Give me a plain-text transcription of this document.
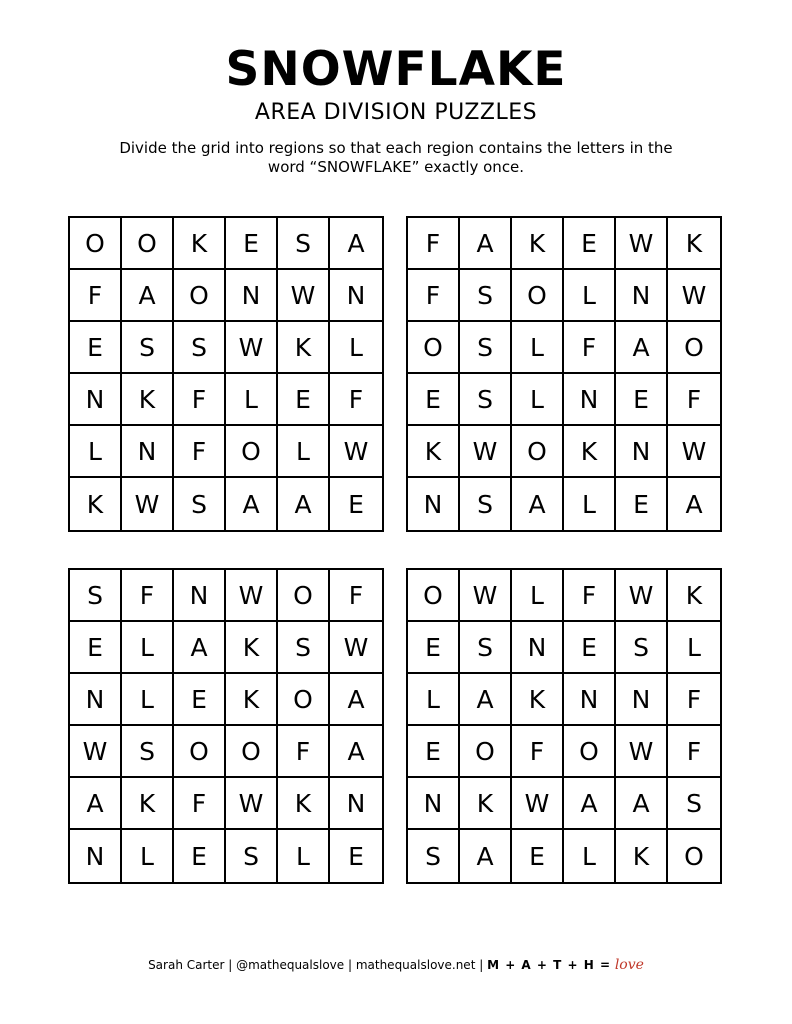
SNOWFLAKE
AREA DIVISION PUZZLES
Divide the grid into regions so that each region contains the letters in the word “SNOWFLAKE” exactly once.
O	O	K	E	S	A
F	A	O	N	W	N
E	S	S	W	K	L
N	K	F	L	E	F
L	N	F	O	L	W
K	W	S	A	A	E
F	A	K	E	W	K
F	S	O	L	N	W
O	S	L	F	A	O
E	S	L	N	E	F
K	W	O	K	N	W
N	S	A	L	E	A
S	F	N	W	O	F
E	L	A	K	S	W
N	L	E	K	O	A
W	S	O	O	F	A
A	K	F	W	K	N
N	L	E	S	L	E
O	W	L	F	W	K
E	S	N	E	S	L
L	A	K	N	N	F
E	O	F	O	W	F
N	K	W	A	A	S
S	A	E	L	K	O
Sarah Carter | @mathequalslove | mathequalslove.net | M + A + T + H = love
